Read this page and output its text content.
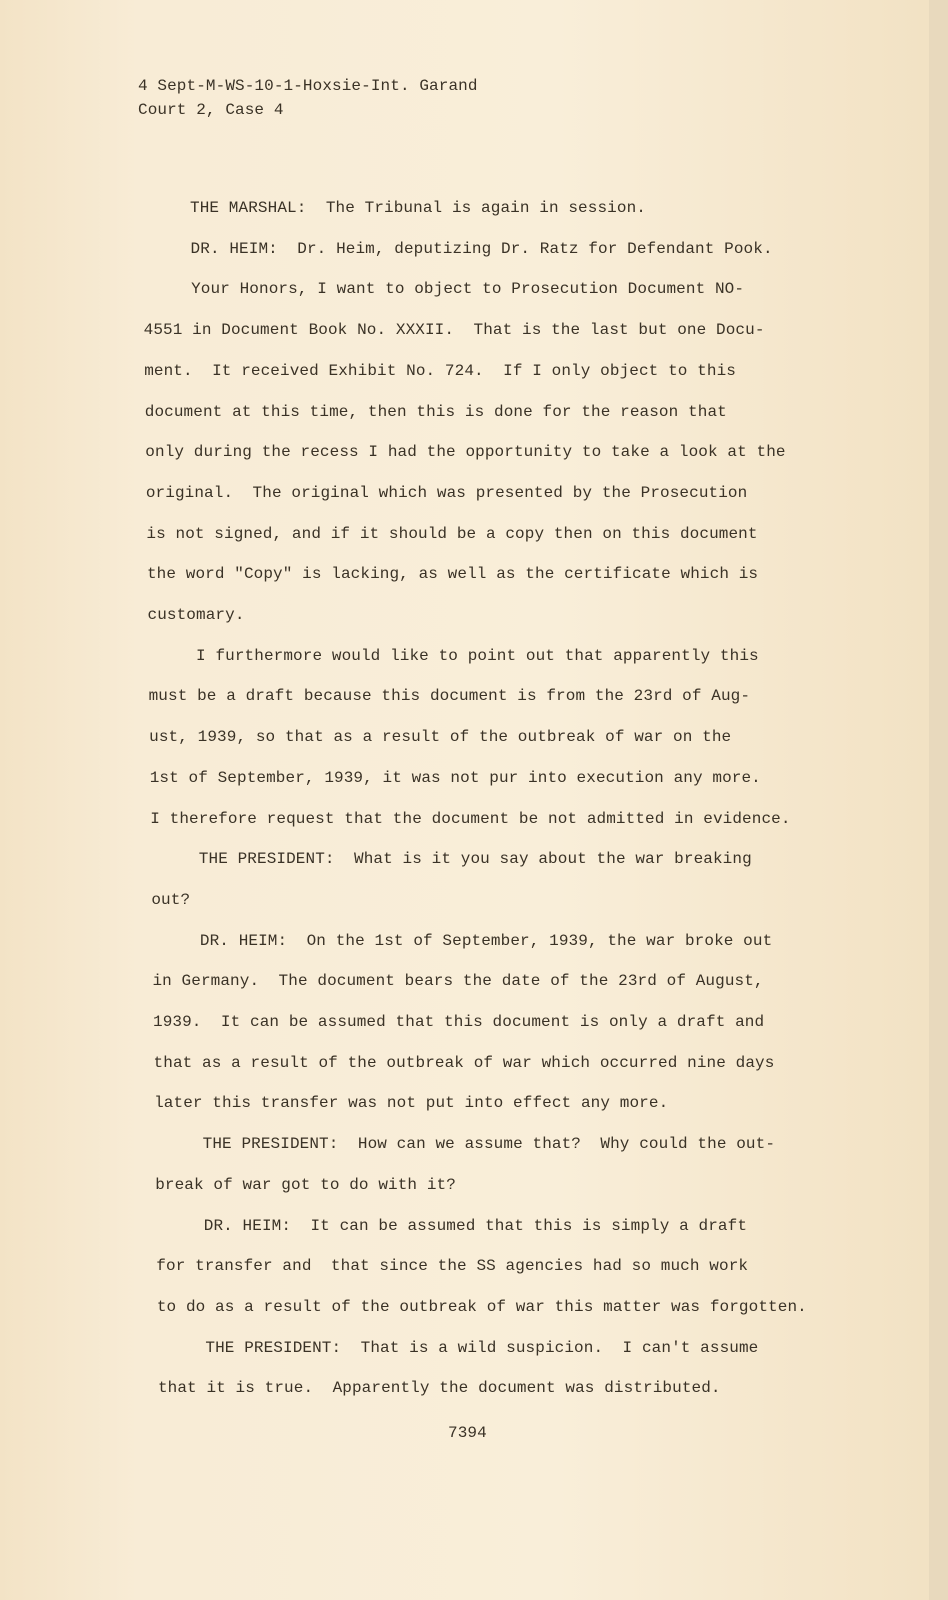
4 Sept-M-WS-10-1-Hoxsie-Int. Garand
Court 2, Case 4
THE MARSHAL:  The Tribunal is again in session.
DR. HEIM:  Dr. Heim, deputizing Dr. Ratz for Defendant Pook.
Your Honors, I want to object to Prosecution Document NO-
4551 in Document Book No. XXXII.  That is the last but one Docu-
ment.  It received Exhibit No. 724.  If I only object to this
document at this time, then this is done for the reason that
only during the recess I had the opportunity to take a look at the
original.  The original which was presented by the Prosecution
is not signed, and if it should be a copy then on this document
the word "Copy" is lacking, as well as the certificate which is
customary.
I furthermore would like to point out that apparently this
must be a draft because this document is from the 23rd of Aug-
ust, 1939, so that as a result of the outbreak of war on the
1st of September, 1939, it was not pur into execution any more.
I therefore request that the document be not admitted in evidence.
THE PRESIDENT:  What is it you say about the war breaking
out?
DR. HEIM:  On the 1st of September, 1939, the war broke out
in Germany.  The document bears the date of the 23rd of August,
1939.  It can be assumed that this document is only a draft and
that as a result of the outbreak of war which occurred nine days
later this transfer was not put into effect any more.
THE PRESIDENT:  How can we assume that?  Why could the out-
break of war got to do with it?
DR. HEIM:  It can be assumed that this is simply a draft
for transfer and  that since the SS agencies had so much work
to do as a result of the outbreak of war this matter was forgotten.
THE PRESIDENT:  That is a wild suspicion.  I can't assume
that it is true.  Apparently the document was distributed.
7394
